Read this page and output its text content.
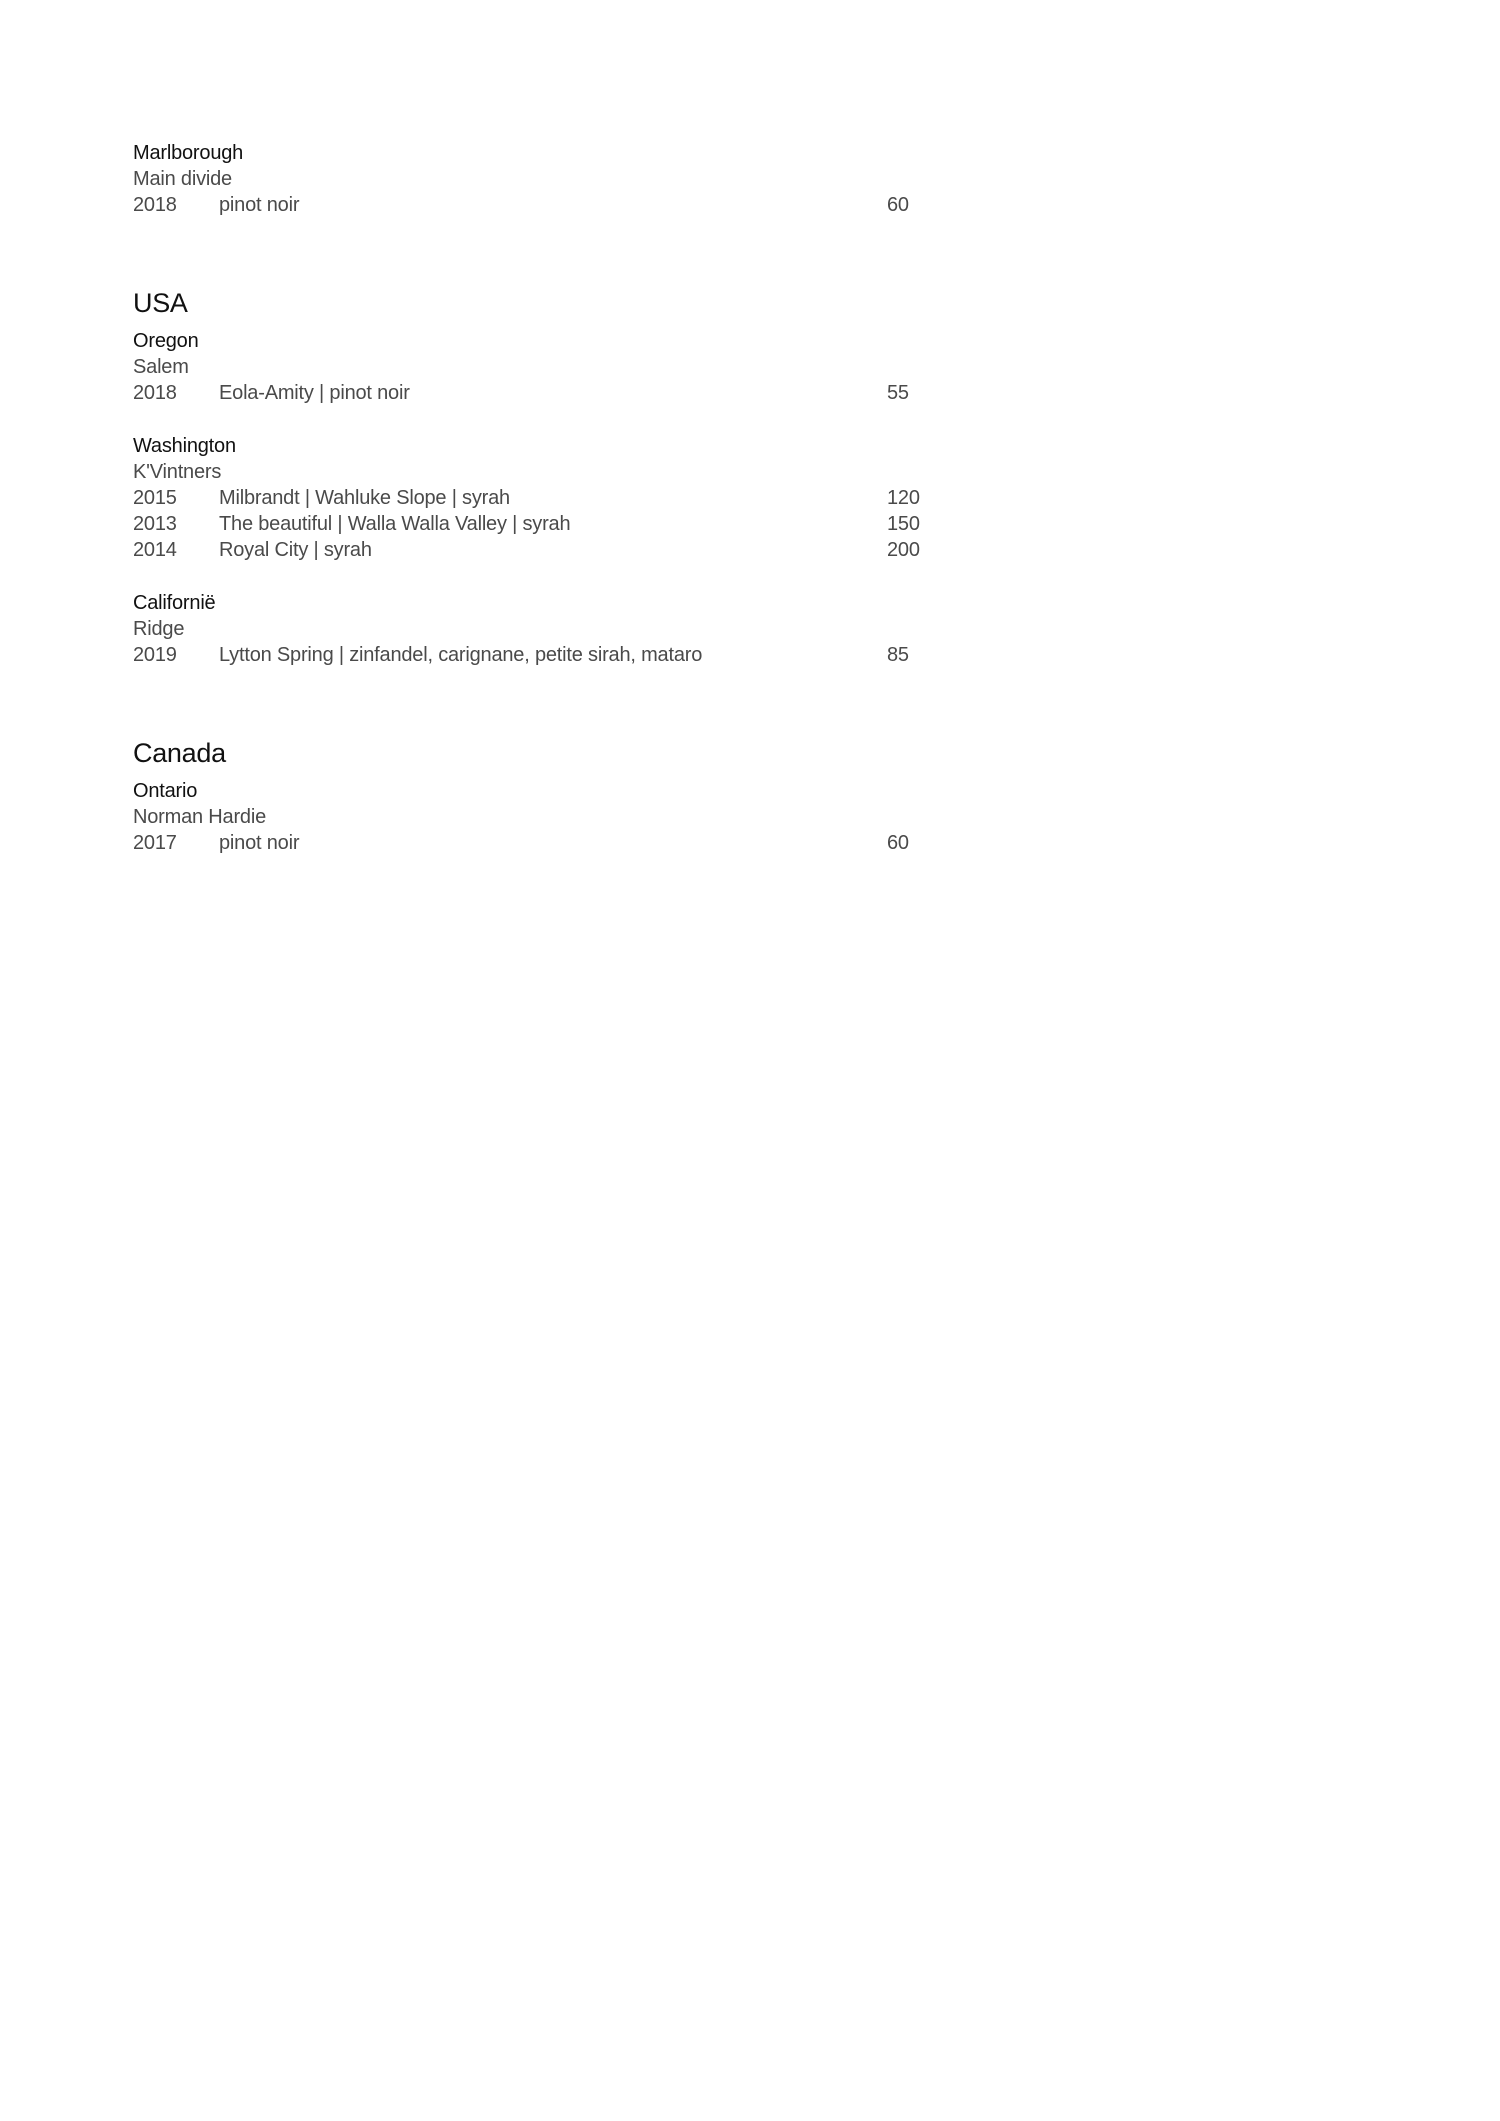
Marlborough
Main divide
2018	pinot noir	60
USA
Oregon
Salem
2018	Eola-Amity | pinot noir	55
Washington
K'Vintners
2015	Milbrandt | Wahluke Slope | syrah	120
2013	The beautiful | Walla Walla Valley | syrah	150
2014	Royal City | syrah	200
Californië
Ridge
2019	Lytton Spring | zinfandel, carignane, petite sirah, mataro	85
Canada
Ontario
Norman Hardie
2017	pinot noir	60
